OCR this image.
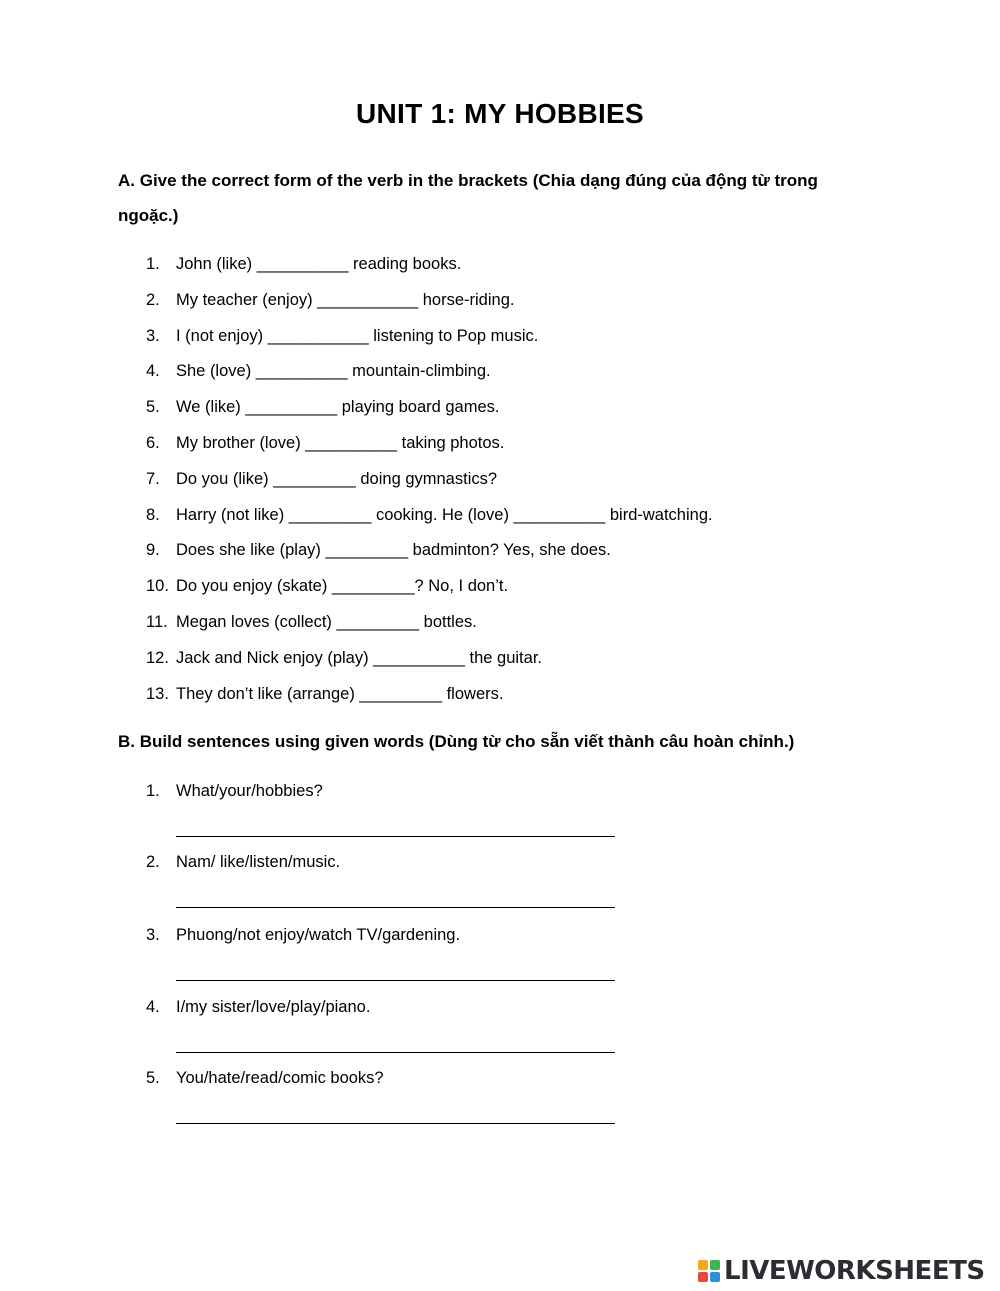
UNIT 1: MY HOBBIES
A. Give the correct form of the verb in the brackets (Chia dạng đúng của động từ trong ngoặc.)
1. John (like) __________ reading books.
2. My teacher (enjoy) ___________ horse-riding.
3. I (not enjoy) ___________ listening to Pop music.
4. She (love) __________ mountain-climbing.
5. We (like) __________ playing board games.
6. My brother (love) __________ taking photos.
7. Do you (like) _________ doing gymnastics?
8. Harry (not like) _________ cooking. He (love) __________ bird-watching.
9. Does she like (play) _________ badminton? Yes, she does.
10. Do you enjoy (skate) _________? No, I don’t.
11. Megan loves (collect) _________ bottles.
12. Jack and Nick enjoy (play) __________ the guitar.
13. They don’t like (arrange) _________ flowers.
B. Build sentences using given words (Dùng từ cho sẵn viết thành câu hoàn chỉnh.)
1. What/your/hobbies?
2. Nam/ like/listen/music.
3. Phuong/not enjoy/watch TV/gardening.
4. I/my sister/love/play/piano.
5. You/hate/read/comic books?
LIVEWORKSHEETS
